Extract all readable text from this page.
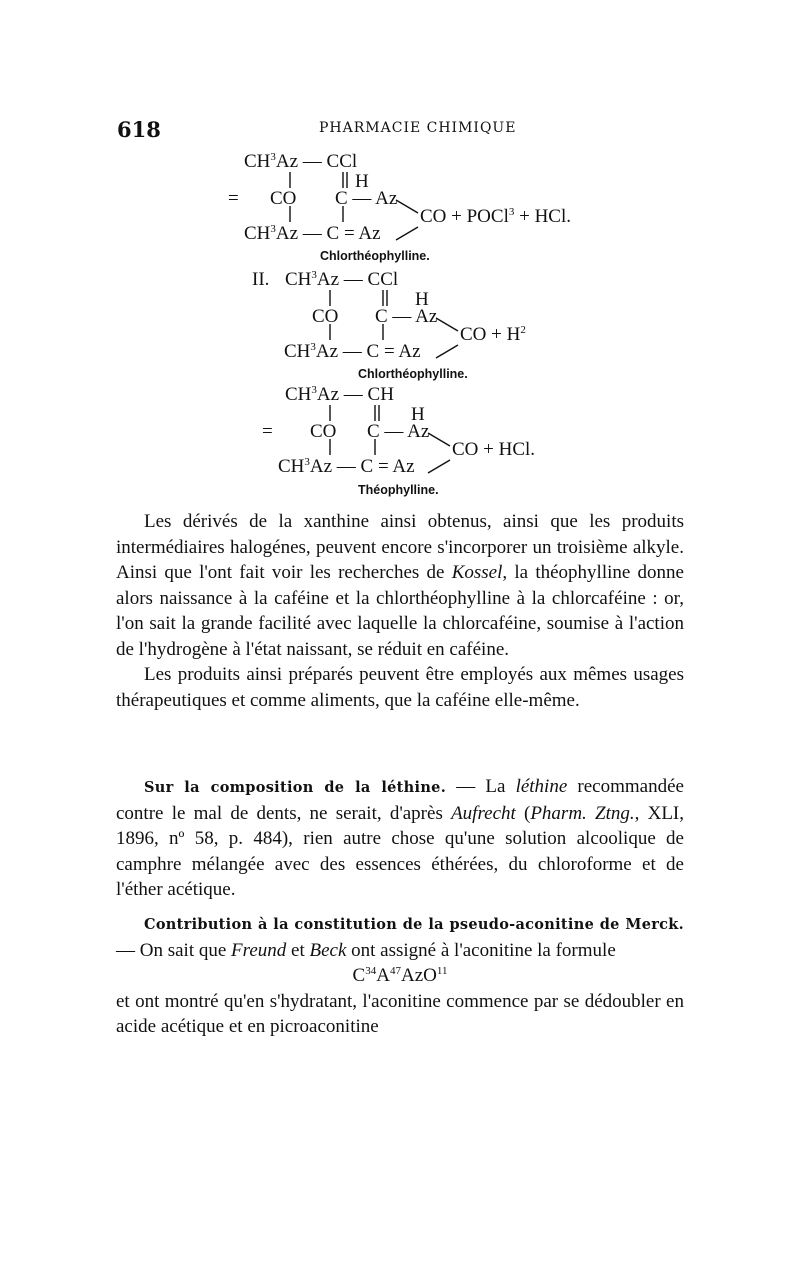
618	PHARMACIE CHIMIQUE
$CH^3Az$ — CCl
H
= CO C — Az
CO + POCl$^3$ + HCl.
$CH^3Az$ — C = Az
Chlorthéophylline.
II. $CH^3Az$ — CCl
H
CO C — Az
CO + $H^2$
$CH^3Az$ — C = Az
Chlorthéophylline.
$CH^3Az$ — CH
H
= CO C — Az
CO + HCl.
$CH^3Az$ — C = Az
Théophylline.

Les dérivés de la xanthine ainsi obtenus, ainsi que les produits intermédiaires halogénes, peuvent encore s'incorporer un troisième alkyle. Ainsi que l'ont fait voir les recherches de Kossel, la théophylline donne alors naissance à la caféine et la chlorthéophylline à la chlorcaféine : or, l'on sait la grande facilité avec laquelle la chlorcaféine, soumise à l'action de l'hydrogène à l'état naissant, se réduit en caféine.

Les produits ainsi préparés peuvent être employés aux mêmes usages thérapeutiques et comme aliments, que la caféine elle-même.

Sur la composition de la léthine. — La léthine recommandée contre le mal de dents, ne serait, d'après Aufrecht (Pharm. Ztng., XLI, 1896, nº 58, p. 484), rien autre chose qu'une solution alcoolique de camphre mélangée avec des essences éthérées, du chloroforme et de l'éther acétique.

Contribution à la constitution de la pseudo-aconitine de Merck. — On sait que Freund et Beck ont assigné à l'aconitine la formule

$C^{34}A^{47}AzO^{11}$

et ont montré qu'en s'hydratant, l'aconitine commence par se dédoubler en acide acétique et en picroaconitine
